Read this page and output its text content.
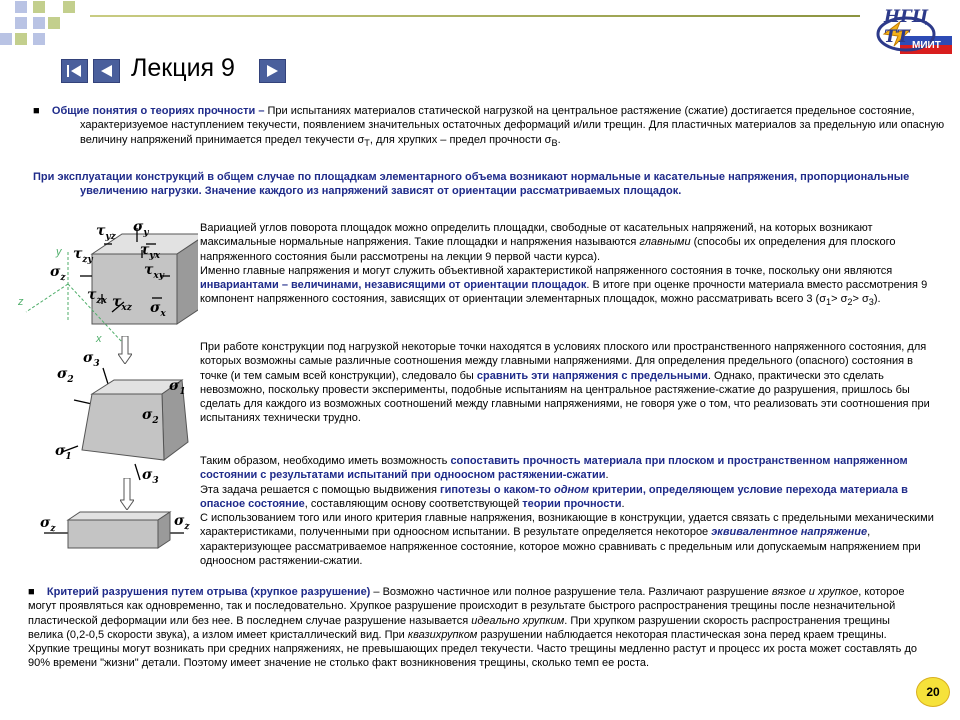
НГЦ ТТ МИИТ
Лекция 9
■ Общие понятия о теориях прочности – При испытаниях материалов статической нагрузкой на центральное растяжение (сжатие) достигается предельное состояние, характеризуемое наступлением текучести, появлением значительных остаточных деформаций и/или трещин. Для пластичных материалов за предельную или опасную величину напряжений принимается предел текучести $\sigma_T$, для хрупких – предел прочности $\sigma_B$.
При эксплуатации конструкций в общем случае по площадкам элементарного объема возникают нормальные и касательные напряжения, пропорциональные увеличению нагрузки. Значение каждого из напряжений зависят от ориентации рассматриваемых площадок.
Вариацией углов поворота площадок можно определить площадки, свободные от касательных напряжений, на которых возникают максимальные нормальные напряжения. Такие площадки и напряжения называются главными (способы их определения для плоского напряженного состояния были рассмотрены на лекции 9 первой части курса).
Именно главные напряжения и могут служить объективной характеристикой напряженного состояния в точке, поскольку они являются инвариантами – величинами, независящими от ориентации площадок. В итоге при оценке прочности материала вместо рассмотрения 9 компонент напряженного состояния, зависящих от ориентации элементарных площадок, можно рассматривать всего 3 $(\sigma_1> \sigma_2> \sigma_3)$.
При работе конструкции под нагрузкой некоторые точки находятся в условиях плоского или пространственного напряженного состояния, для которых возможны самые различные соотношения между главными напряжениями. Для определения предельного (опасного) состояния в точке (и тем самым всей конструкции), следовало бы сравнить эти напряжения с предельными. Однако, практически это сделать невозможно, поскольку провести эксперименты, подобные испытаниям на центральное растяжение-сжатие до разрушения, пришлось бы сделать для каждого из возможных соотношений между главными напряжениями, не говоря уже о том, что реализовать эти соотношения при испытаниях технически трудно.
Таким образом, необходимо иметь возможность сопоставить прочность материала при плоском и пространственном напряженном состоянии с результатами испытаний при одноосном растяжении-сжатии.
Эта задача решается с помощью выдвижения гипотезы о каком-то одном критерии, определяющем условие перехода материала в опасное состояние, составляющим основу соответствующей теории прочности.
С использованием того или иного критерия главные напряжения, возникающие в конструкции, удается связать с предельными механическими характеристиками, полученными при одноосном испытании. В результате определяется некоторое эквивалентное напряжение, характеризующее рассматриваемое напряженное состояние, которое можно сравнивать с предельным или допускаемым напряжением при одноосном растяжении-сжатии.
■ Критерий разрушения путем отрыва (хрупкое разрушение) – Возможно частичное или полное разрушение тела. Различают разрушение вязкое и хрупкое, которое могут проявляться как одновременно, так и последовательно. Хрупкое разрушение происходит в результате быстрого распространения трещины после незначительной пластической деформации или без нее. В последнем случае разрушение называется идеально хрупким. При хрупком разрушении скорость распространения трещины велика (0,2-0,5 скорости звука), а излом имеет кристаллический вид. При квазихрупком разрушении наблюдается некоторая пластическая зона перед краем трещины. Хрупкие трещины могут возникать при средних напряжениях, не превышающих предел текучести. Часто трещины медленно растут и процесс их роста может составлять до 90% времени "жизни" детали. Поэтому имеет значение не столько факт возникновения трещины, сколько темп ее роста.
$\sigma_y$
$\tau_{yz}$
$\tau_{yx}$
$\tau_{zy}$
$\tau_{xy}$
$\sigma_z$
$\tau_{zx}$ $\tau_{xz}$ $\sigma_x$
y
z
x
$\sigma_3$
$\sigma_2$	$\sigma_1$
$\sigma_2$
$\sigma_1$
$\sigma_3$
$\sigma_z$	$\sigma_z$
20
